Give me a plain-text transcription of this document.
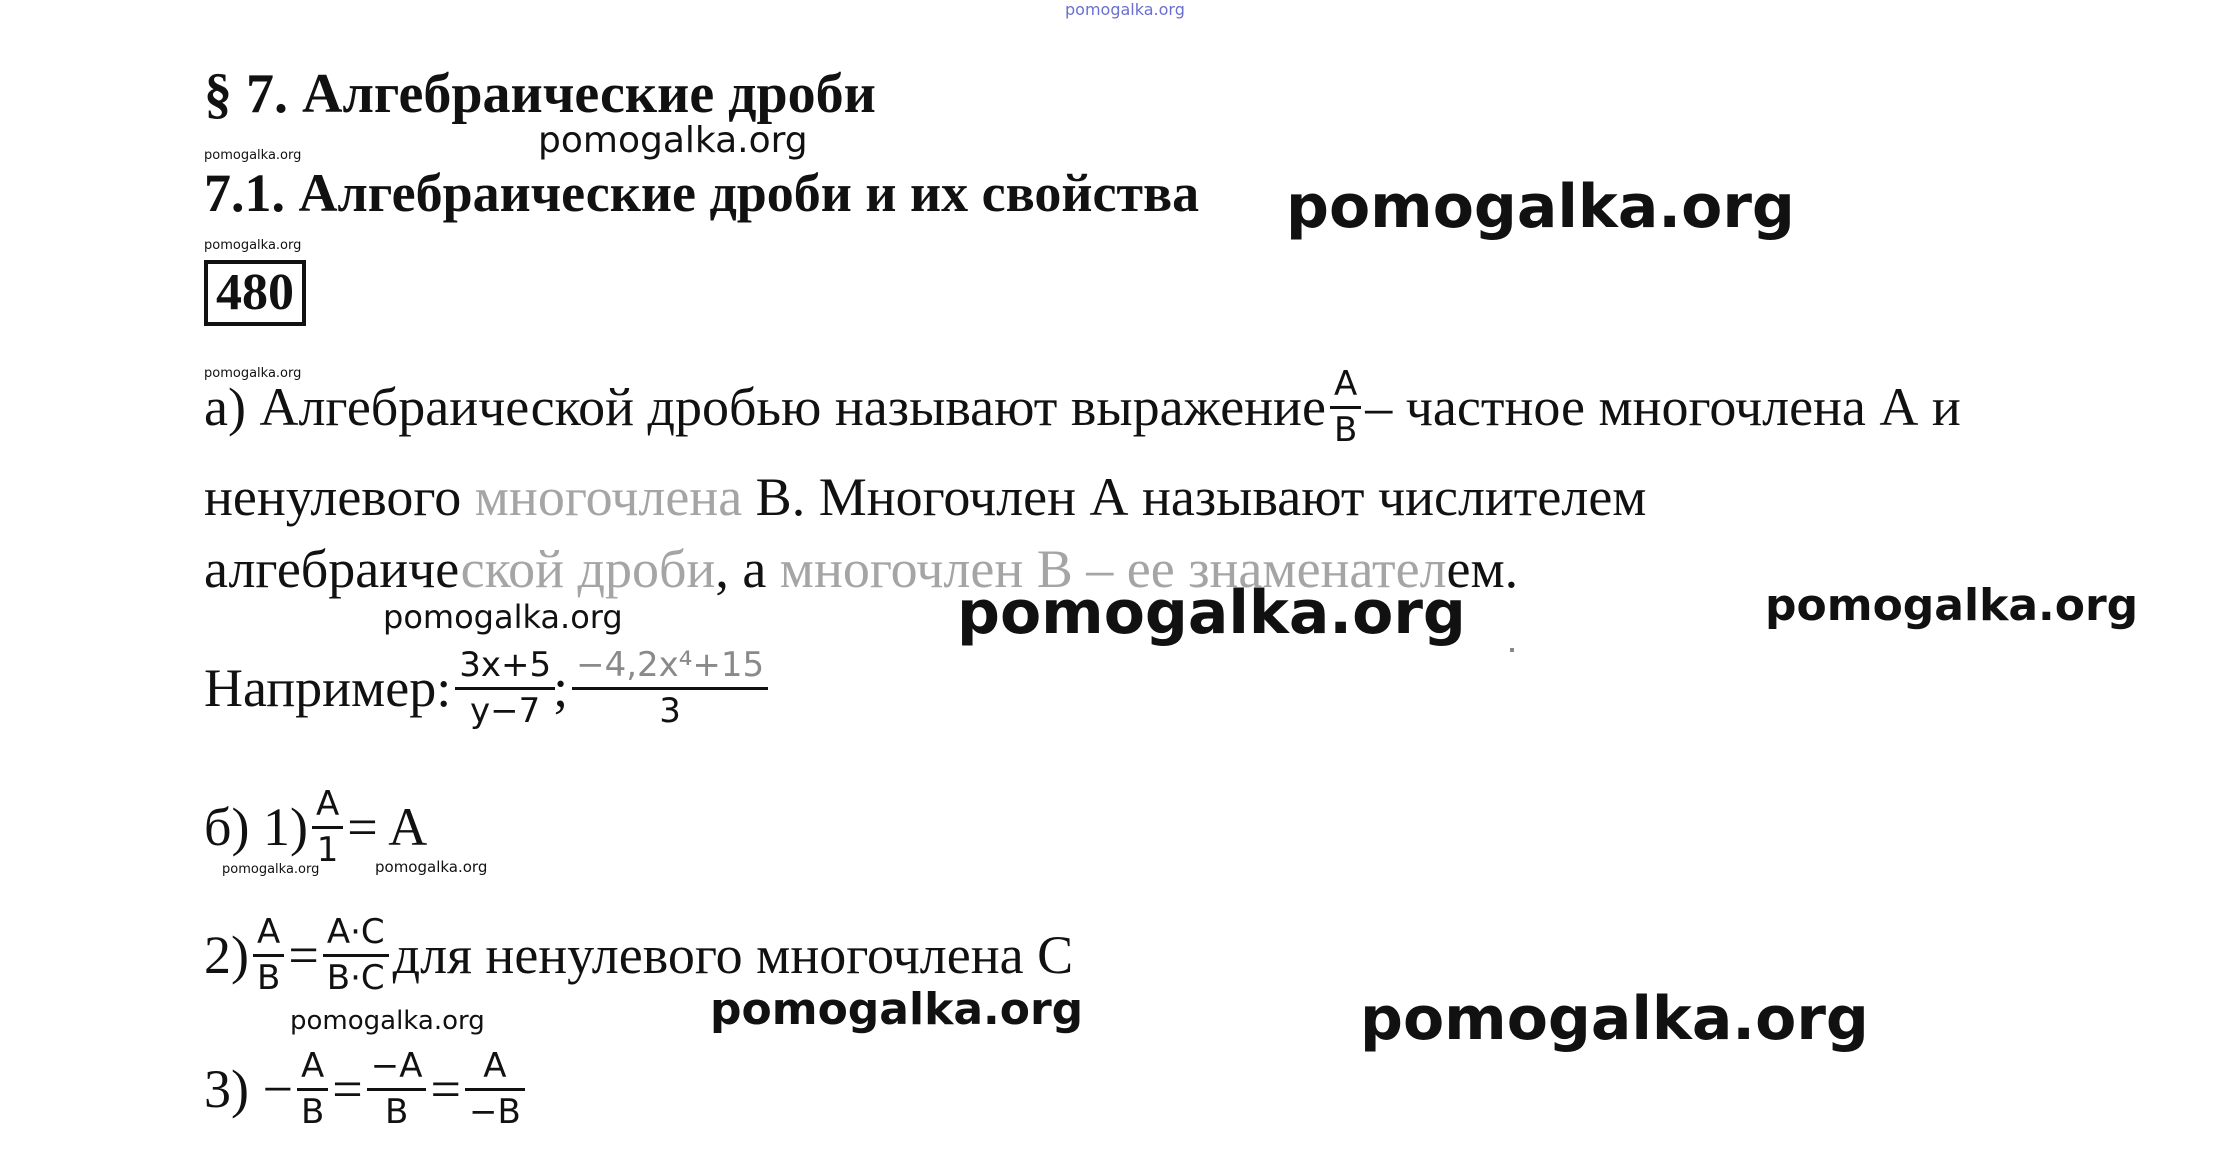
pomogalka.org
§ 7. Алгебраические дроби
pomogalka.org	pomogalka.org
7.1. Алгебраические дроби и их свойства pomogalka.org
pomogalka.org
480
pomogalka.org
а)
Алгебраической дробью называют выражение $\frac{A}{B}$ – частное многочлена А и
ненулевого многочлена В. Многочлен А называют числителем
алгебраической дроби, а многочлен В – ее знаменателем.
pomogalka.org	pomogalka.org	pomogalka.org
Например: $\frac{3x+5}{y-7}$
; $\frac{\text{−4,2x⁴+15}}{3}$
б) $1) \frac{A}{1} = A$
pomogalka.org	pomogalka.org
$2) \frac{A}{B} = \frac{A\cdot C}{B\cdot C}$ для ненулевого многочлена С
pomogalka.org	pomogalka.org	pomogalka.org
$3) - \frac{A}{B} = \frac{-A}{B} = \frac{A}{-B}$
